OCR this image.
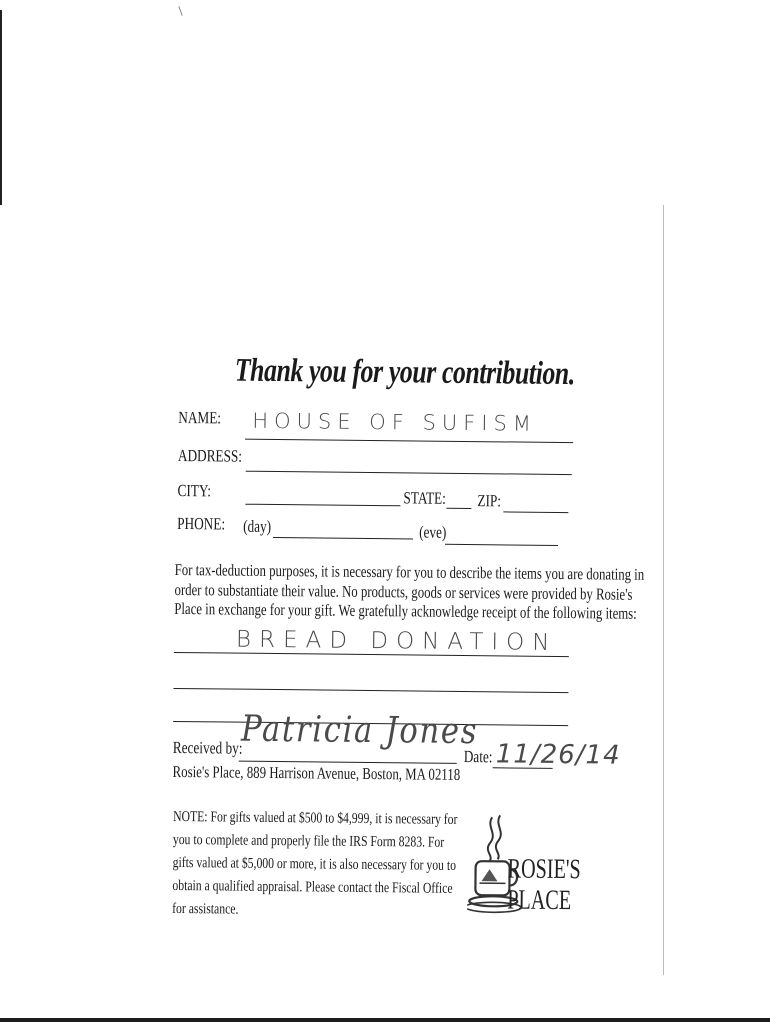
Thank you for your contribution.
NAME: HOUSE OF SUFISM
ADDRESS:
CITY:	STATE: ZIP:
PHONE: (day)	(eve)
For tax-deduction purposes, it is necessary for you to describe the items you are donating in
order to substantiate their value. No products, goods or services were provided by Rosie's
Place in exchange for your gift. We gratefully acknowledge receipt of the following items:
BREAD DONATION
Received by:
Patricia Jones
Date: 11/26/14
Rosie's Place, 889 Harrison Avenue, Boston, MA 02118
NOTE: For gifts valued at $500 to $4,999, it is necessary for
you to complete and properly file the IRS Form 8283. For
gifts valued at $5,000 or more, it is also necessary for you to
obtain a qualified appraisal. Please contact the Fiscal Office
for assistance.
ROSIE'S
PLACE
